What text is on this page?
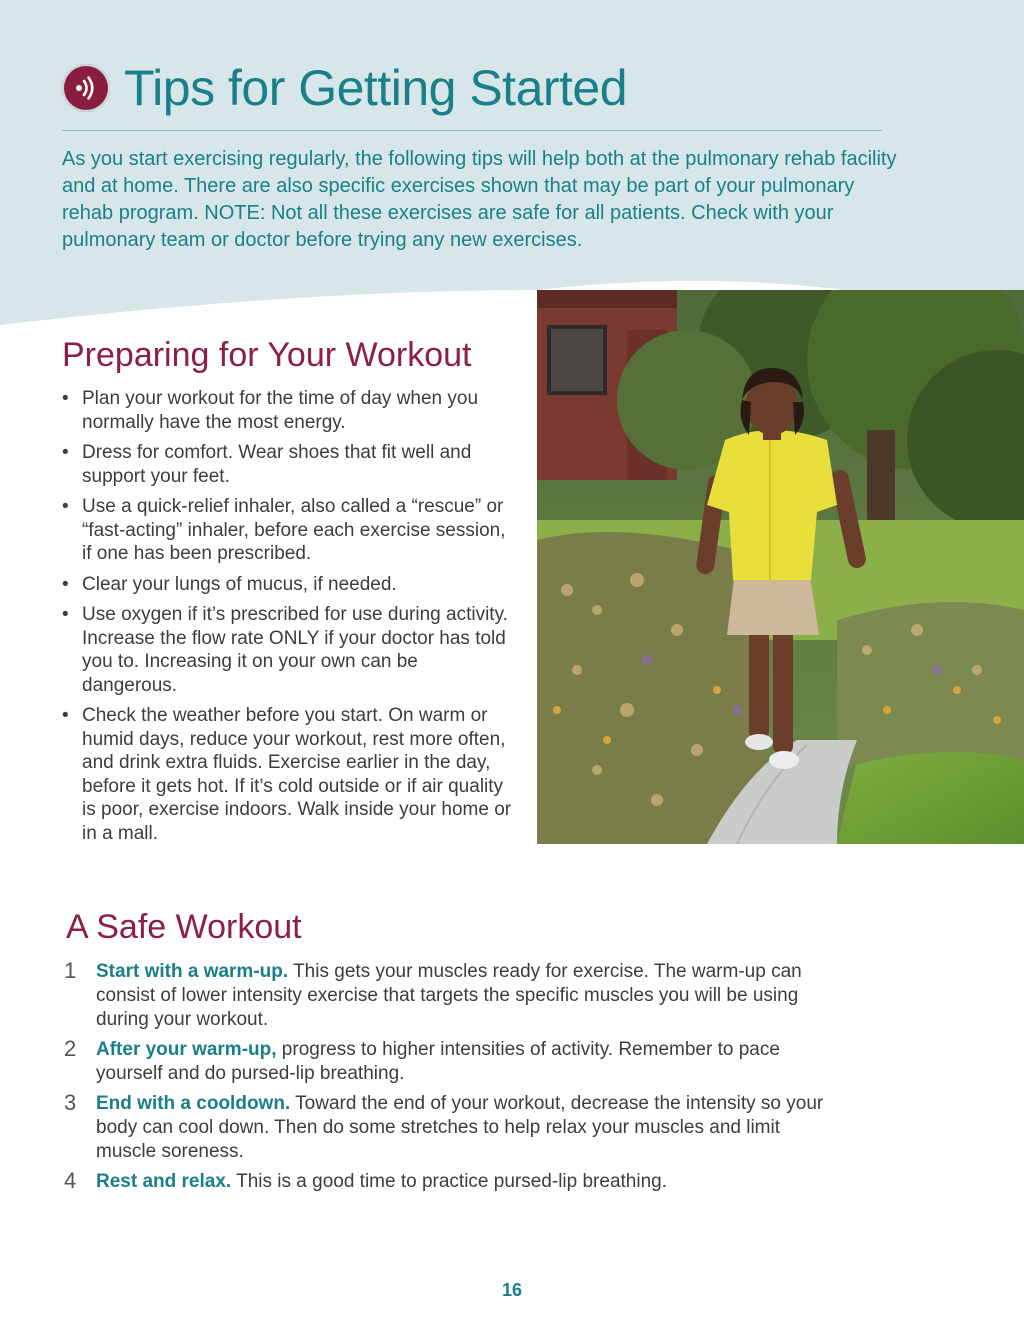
Tips for Getting Started
As you start exercising regularly, the following tips will help both at the pulmonary rehab facility and at home. There are also specific exercises shown that may be part of your pulmonary rehab program. NOTE: Not all these exercises are safe for all patients. Check with your pulmonary team or doctor before trying any new exercises.
Preparing for Your Workout
• Plan your workout for the time of day when you normally have the most energy.
• Dress for comfort. Wear shoes that fit well and support your feet.
• Use a quick-relief inhaler, also called a “rescue” or “fast-acting” inhaler, before each exercise session, if one has been prescribed.
• Clear your lungs of mucus, if needed.
• Use oxygen if it’s prescribed for use during activity. Increase the flow rate ONLY if your doctor has told you to. Increasing it on your own can be dangerous.
• Check the weather before you start. On warm or humid days, reduce your workout, rest more often, and drink extra fluids. Exercise earlier in the day, before it gets hot. If it’s cold outside or if air quality is poor, exercise indoors. Walk inside your home or in a mall.
A Safe Workout
1 Start with a warm-up. This gets your muscles ready for exercise. The warm-up can consist of lower intensity exercise that targets the specific muscles you will be using during your workout.
2 After your warm-up, progress to higher intensities of activity. Remember to pace yourself and do pursed-lip breathing.
3 End with a cooldown. Toward the end of your workout, decrease the intensity so your body can cool down. Then do some stretches to help relax your muscles and limit muscle soreness.
4 Rest and relax. This is a good time to practice pursed-lip breathing.
16
